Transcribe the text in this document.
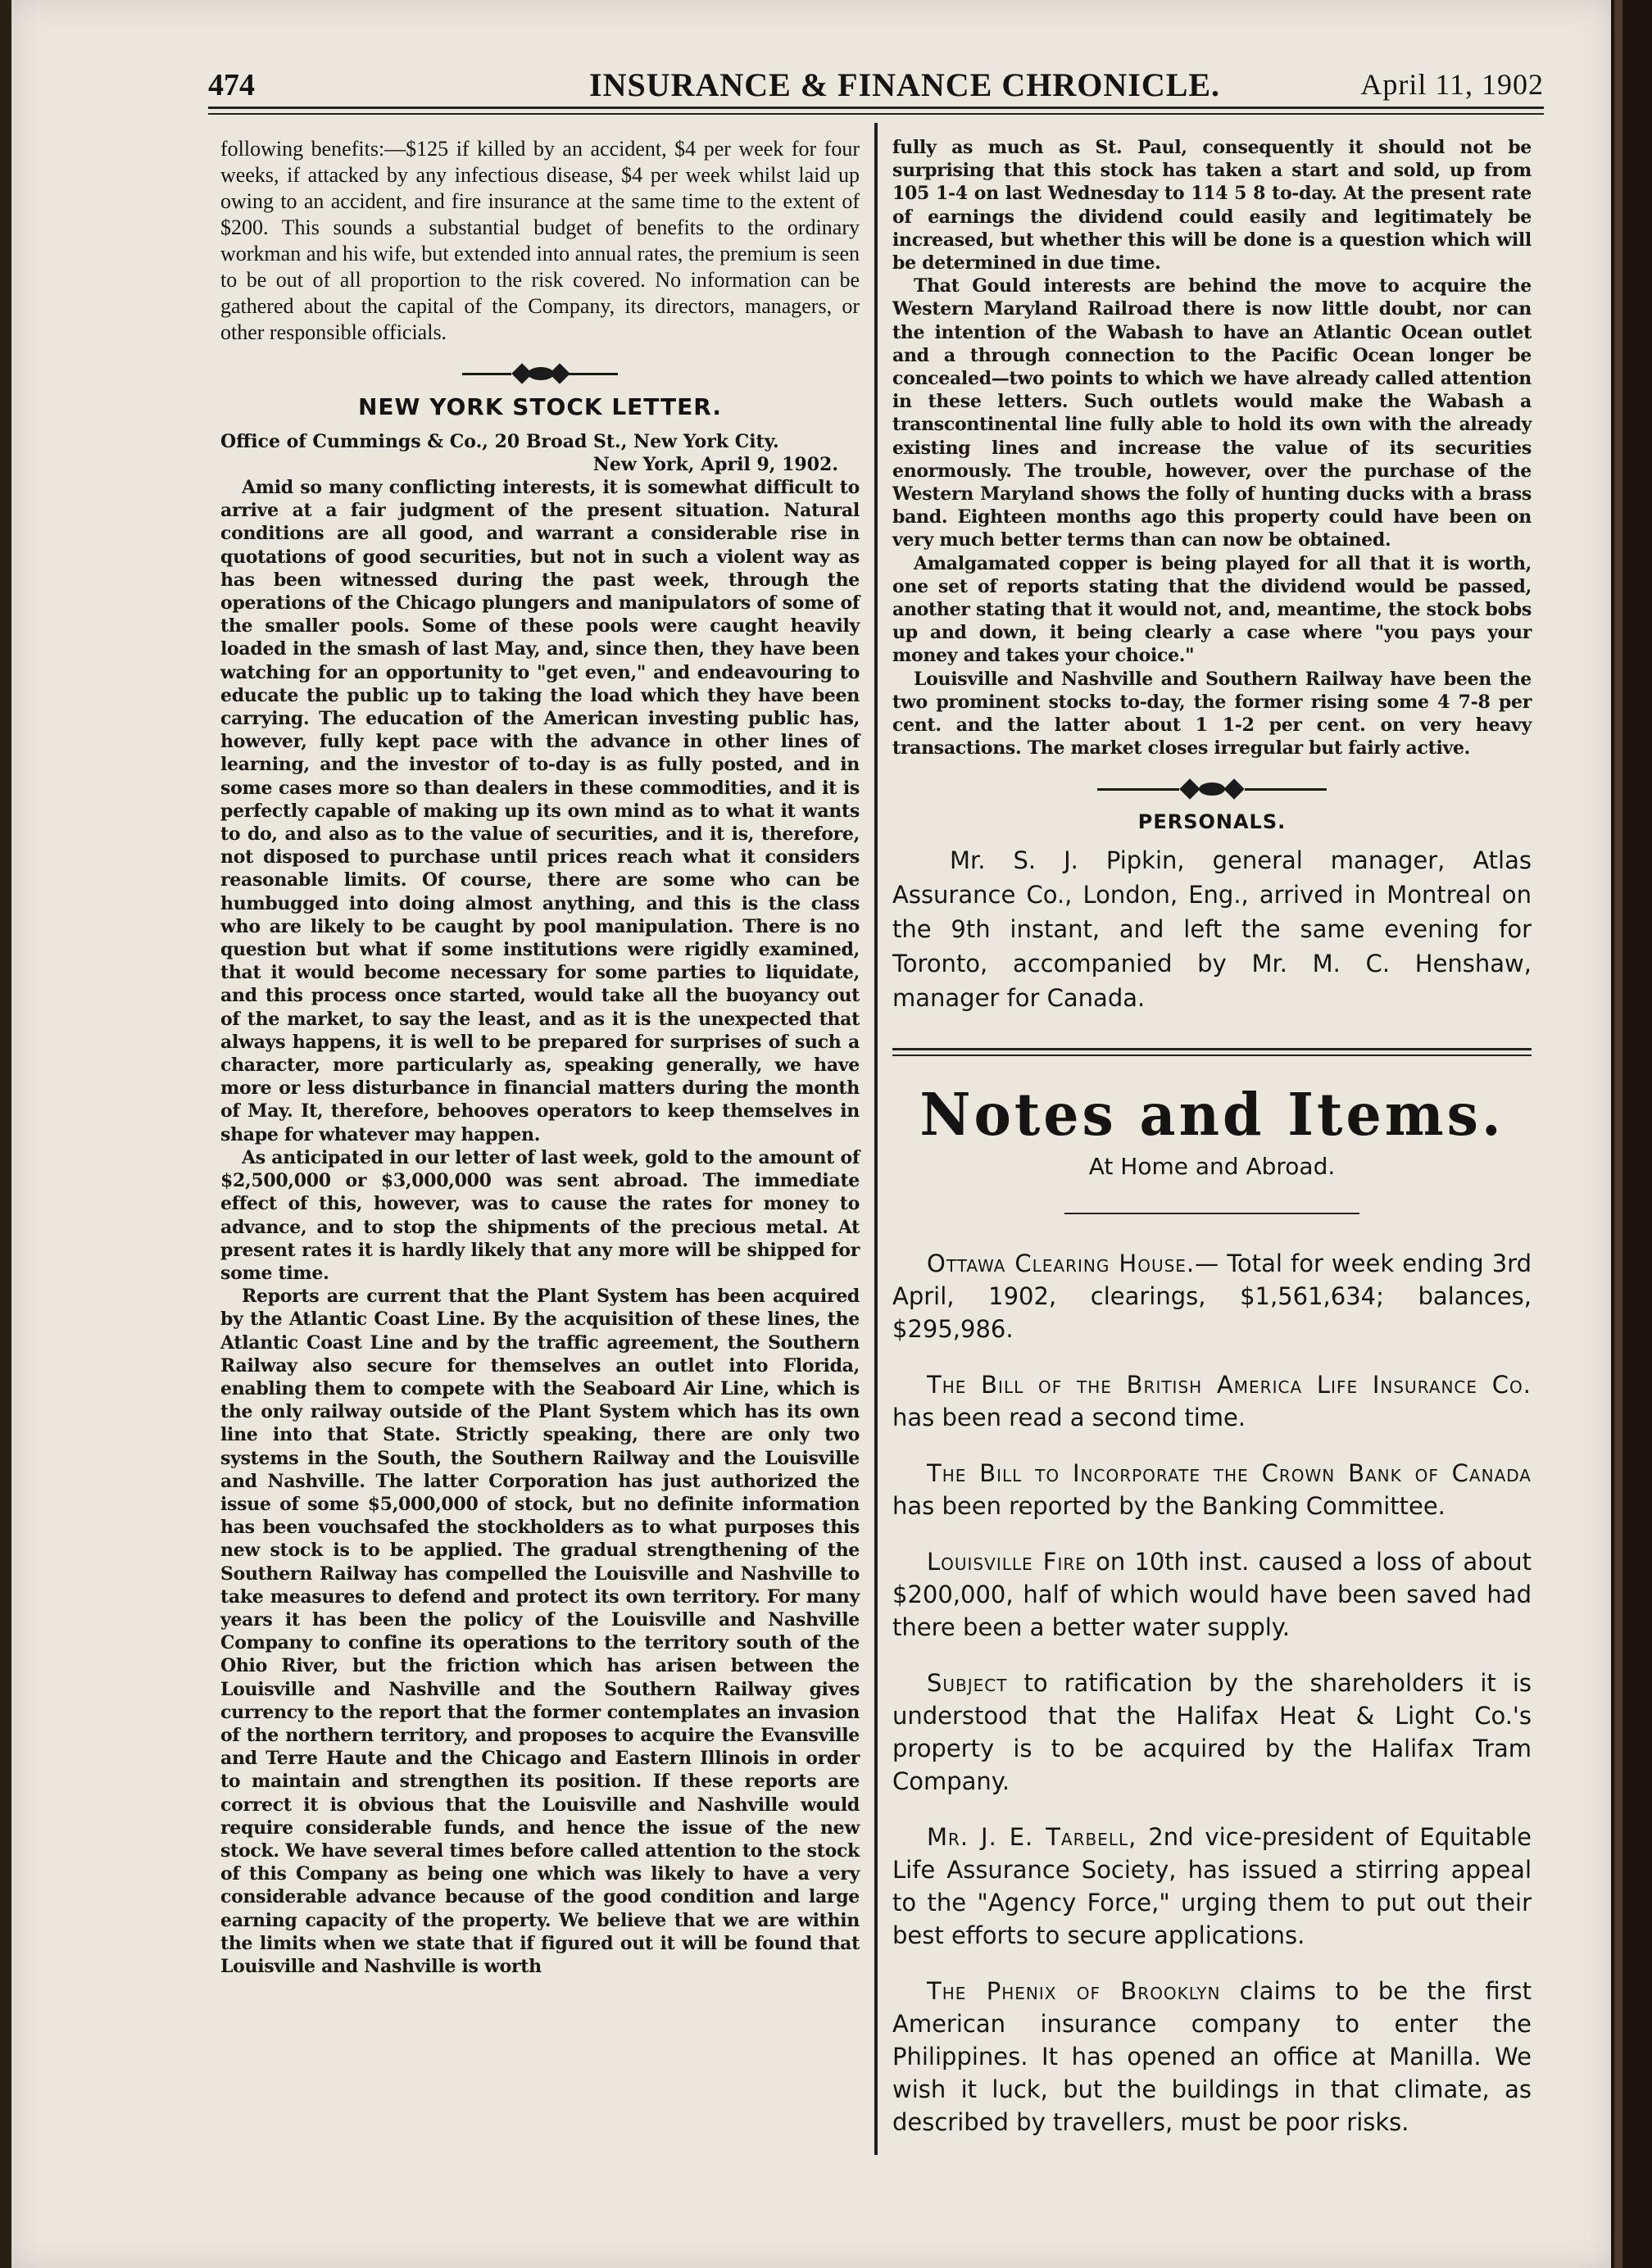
474	INSURANCE & FINANCE CHRONICLE.	April 11, 1902

following benefits:—$125 if killed by an accident, $4 per week for four weeks, if attacked by any infectious disease, $4 per week whilst laid up owing to an accident, and fire insurance at the same time to the extent of $200. This sounds a substantial budget of benefits to the ordinary workman and his wife, but extended into annual rates, the premium is seen to be out of all proportion to the risk covered. No information can be gathered about the capital of the Company, its directors, managers, or other responsible officials.

NEW YORK STOCK LETTER.
Office of Cummings & Co., 20 Broad St., New York City.
New York, April 9, 1902.

Amid so many conflicting interests, it is somewhat difficult to arrive at a fair judgment of the present situation. Natural conditions are all good, and warrant a considerable rise in quotations of good securities, but not in such a violent way as has been witnessed during the past week, through the operations of the Chicago plungers and manipulators of some of the smaller pools. Some of these pools were caught heavily loaded in the smash of last May, and, since then, they have been watching for an opportunity to "get even," and endeavouring to educate the public up to taking the load which they have been carrying. The education of the American investing public has, however, fully kept pace with the advance in other lines of learning, and the investor of to-day is as fully posted, and in some cases more so than dealers in these commodities, and it is perfectly capable of making up its own mind as to what it wants to do, and also as to the value of securities, and it is, therefore, not disposed to purchase until prices reach what it considers reasonable limits. Of course, there are some who can be humbugged into doing almost anything, and this is the class who are likely to be caught by pool manipulation. There is no question but what if some institutions were rigidly examined, that it would become necessary for some parties to liquidate, and this process once started, would take all the buoyancy out of the market, to say the least, and as it is the unexpected that always happens, it is well to be prepared for surprises of such a character, more particularly as, speaking generally, we have more or less disturbance in financial matters during the month of May. It, therefore, behooves operators to keep themselves in shape for whatever may happen.

As anticipated in our letter of last week, gold to the amount of $2,500,000 or $3,000,000 was sent abroad. The immediate effect of this, however, was to cause the rates for money to advance, and to stop the shipments of the precious metal. At present rates it is hardly likely that any more will be shipped for some time.

Reports are current that the Plant System has been acquired by the Atlantic Coast Line. By the acquisition of these lines, the Atlantic Coast Line and by the traffic agreement, the Southern Railway also secure for themselves an outlet into Florida, enabling them to compete with the Seaboard Air Line, which is the only railway outside of the Plant System which has its own line into that State. Strictly speaking, there are only two systems in the South, the Southern Railway and the Louisville and Nashville. The latter Corporation has just authorized the issue of some $5,000,000 of stock, but no definite information has been vouchsafed the stockholders as to what purposes this new stock is to be applied. The gradual strengthening of the Southern Railway has compelled the Louisville and Nashville to take measures to defend and protect its own territory. For many years it has been the policy of the Louisville and Nashville Company to confine its operations to the territory south of the Ohio River, but the friction which has arisen between the Louisville and Nashville and the Southern Railway gives currency to the report that the former contemplates an invasion of the northern territory, and proposes to acquire the Evansville and Terre Haute and the Chicago and Eastern Illinois in order to maintain and strengthen its position. If these reports are correct it is obvious that the Louisville and Nashville would require considerable funds, and hence the issue of the new stock. We have several times before called attention to the stock of this Company as being one which was likely to have a very considerable advance because of the good condition and large earning capacity of the property. We believe that we are within the limits when we state that if figured out it will be found that Louisville and Nashville is worth

fully as much as St. Paul, consequently it should not be surprising that this stock has taken a start and sold, up from 105 1-4 on last Wednesday to 114 5 8 to-day. At the present rate of earnings the dividend could easily and legitimately be increased, but whether this will be done is a question which will be determined in due time.

That Gould interests are behind the move to acquire the Western Maryland Railroad there is now little doubt, nor can the intention of the Wabash to have an Atlantic Ocean outlet and a through connection to the Pacific Ocean longer be concealed—two points to which we have already called attention in these letters. Such outlets would make the Wabash a transcontinental line fully able to hold its own with the already existing lines and increase the value of its securities enormously. The trouble, however, over the purchase of the Western Maryland shows the folly of hunting ducks with a brass band. Eighteen months ago this property could have been on very much better terms than can now be obtained.

Amalgamated copper is being played for all that it is worth, one set of reports stating that the dividend would be passed, another stating that it would not, and, meantime, the stock bobs up and down, it being clearly a case where "you pays your money and takes your choice."

Louisville and Nashville and Southern Railway have been the two prominent stocks to-day, the former rising some 4 7-8 per cent. and the latter about 1 1-2 per cent. on very heavy transactions. The market closes irregular but fairly active.

PERSONALS.

Mr. S. J. Pipkin, general manager, Atlas Assurance Co., London, Eng., arrived in Montreal on the 9th instant, and left the same evening for Toronto, accompanied by Mr. M. C. Henshaw, manager for Canada.

Notes and Items.
At Home and Abroad.

Ottawa Clearing House.— Total for week ending 3rd April, 1902, clearings, $1,561,634; balances, $295,986.

The Bill of the British America Life Insurance Co. has been read a second time.

The Bill to Incorporate the Crown Bank of Canada has been reported by the Banking Committee.

Louisville Fire on 10th inst. caused a loss of about $200,000, half of which would have been saved had there been a better water supply.

Subject to ratification by the shareholders it is understood that the Halifax Heat & Light Co.'s property is to be acquired by the Halifax Tram Company.

Mr. J. E. Tarbell, 2nd vice-president of Equitable Life Assurance Society, has issued a stirring appeal to the "Agency Force," urging them to put out their best efforts to secure applications.

The Phenix of Brooklyn claims to be the first American insurance company to enter the Philippines. It has opened an office at Manilla. We wish it luck, but the buildings in that climate, as described by travellers, must be poor risks.
